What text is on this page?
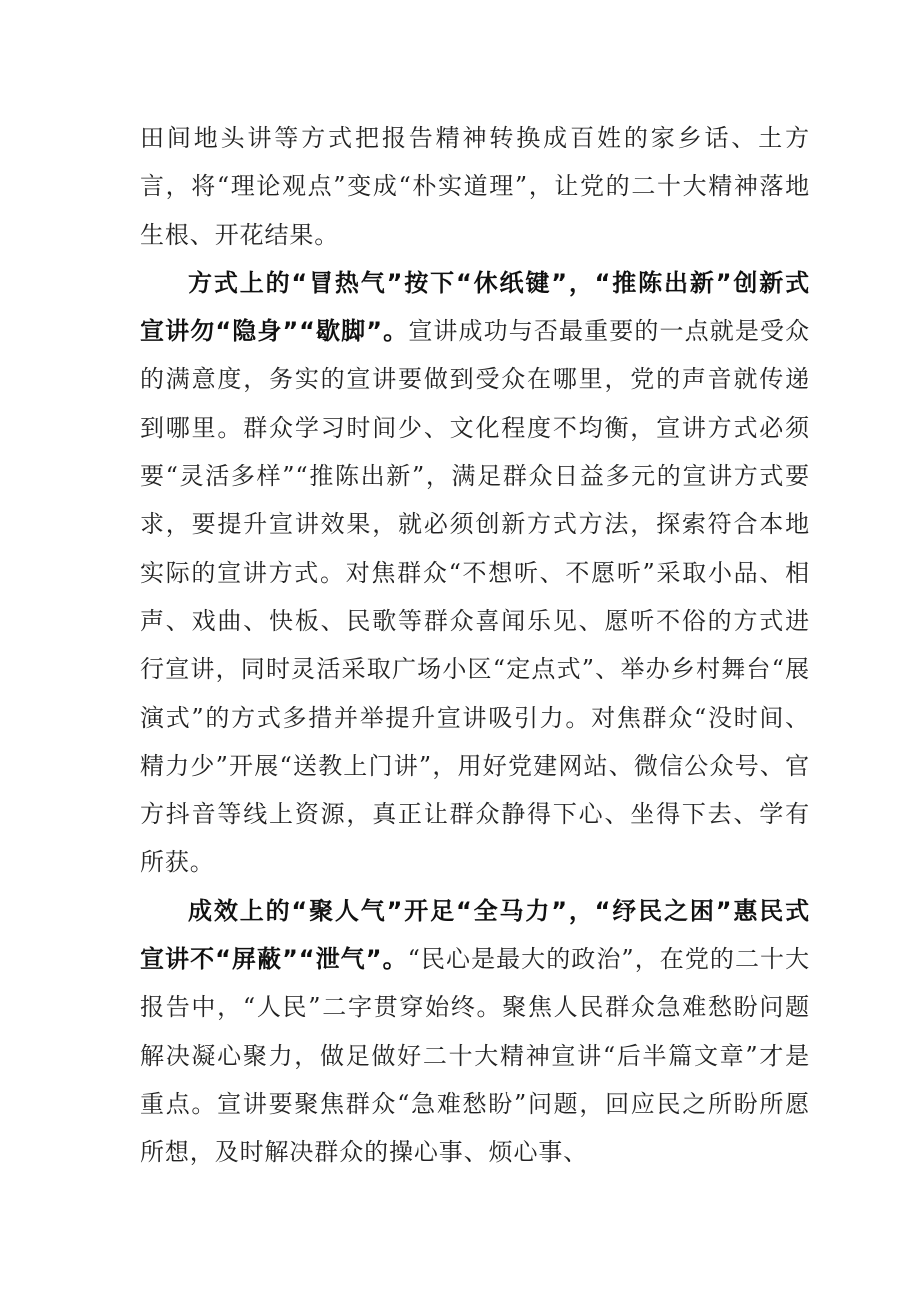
田间地头讲等方式把报告精神转换成百姓的家乡话、土方言，将“理论观点”变成“朴实道理”，让党的二十大精神落地生根、开花结果。

方式上的“冒热气”按下“休纸键”，“推陈出新”创新式宣讲勿“隐身”“歇脚”。宣讲成功与否最重要的一点就是受众的满意度，务实的宣讲要做到受众在哪里，党的声音就传递到哪里。群众学习时间少、文化程度不均衡，宣讲方式必须要“灵活多样”“推陈出新”，满足群众日益多元的宣讲方式要求，要提升宣讲效果，就必须创新方式方法，探索符合本地实际的宣讲方式。对焦群众“不想听、不愿听”采取小品、相声、戏曲、快板、民歌等群众喜闻乐见、愿听不俗的方式进行宣讲，同时灵活采取广场小区“定点式”、举办乡村舞台“展演式”的方式多措并举提升宣讲吸引力。对焦群众“没时间、精力少”开展“送教上门讲”，用好党建网站、微信公众号、官方抖音等线上资源，真正让群众静得下心、坐得下去、学有所获。

成效上的“聚人气”开足“全马力”，“纾民之困”惠民式宣讲不“屏蔽”“泄气”。“民心是最大的政治”，在党的二十大报告中，“人民”二字贯穿始终。聚焦人民群众急难愁盼问题解决凝心聚力，做足做好二十大精神宣讲“后半篇文章”才是重点。宣讲要聚焦群众“急难愁盼”问题，回应民之所盼所愿所想，及时解决群众的操心事、烦心事、
